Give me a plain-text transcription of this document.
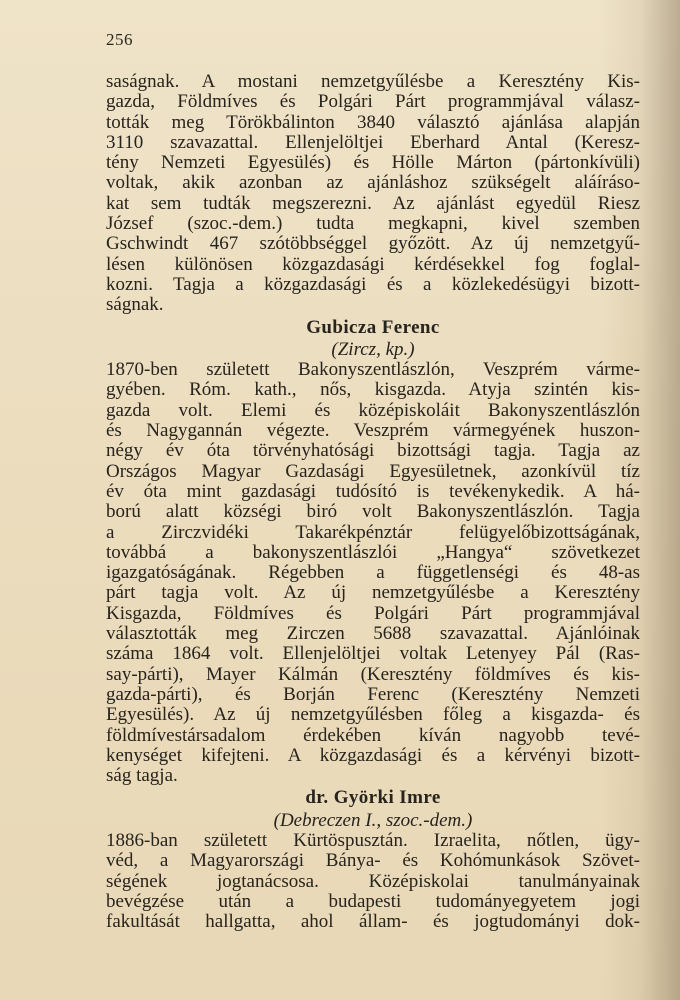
256
saságnak. A mostani nemzetgyűlésbe a Keresztény Kis-
gazda, Földmíves és Polgári Párt programmjával válasz-
tották meg Törökbálinton 3840 választó ajánlása alapján
3110 szavazattal. Ellenjelöltjei Eberhard Antal (Keresz-
tény Nemzeti Egyesülés) és Hölle Márton (pártonkívüli)
voltak, akik azonban az ajánláshoz szükségelt aláíráso-
kat sem tudták megszerezni. Az ajánlást egyedül Riesz
József (szoc.-dem.) tudta megkapni, kivel szemben
Gschwindt 467 szótöbbséggel győzött. Az új nemzetgyű-
lésen különösen közgazdasági kérdésekkel fog foglal-
kozni. Tagja a közgazdasági és a közlekedésügyi bizott-
ságnak.
Gubicza Ferenc
(Zircz, kp.)
1870-ben született Bakonyszentlászlón, Veszprém várme-
gyében. Róm. kath., nős, kisgazda. Atyja szintén kis-
gazda volt. Elemi és középiskoláit Bakonyszentlászlón
és Nagygannán végezte. Veszprém vármegyének huszon-
négy év óta törvényhatósági bizottsági tagja. Tagja az
Országos Magyar Gazdasági Egyesületnek, azonkívül tíz
év óta mint gazdasági tudósító is tevékenykedik. A há-
ború alatt községi biró volt Bakonyszentlászlón. Tagja
a Zirczvidéki Takarékpénztár felügyelőbizottságának,
továbbá a bakonyszentlászlói „Hangya“ szövetkezet
igazgatóságának. Régebben a függetlenségi és 48-as
párt tagja volt. Az új nemzetgyűlésbe a Keresztény
Kisgazda, Földmíves és Polgári Párt programmjával
választották meg Zirczen 5688 szavazattal. Ajánlóinak
száma 1864 volt. Ellenjelöltjei voltak Letenyey Pál (Ras-
say-párti), Mayer Kálmán (Keresztény földmíves és kis-
gazda-párti), és Borján Ferenc (Keresztény Nemzeti
Egyesülés). Az új nemzetgyűlésben főleg a kisgazda- és
földmívestársadalom érdekében kíván nagyobb tevé-
kenységet kifejteni. A közgazdasági és a kérvényi bizott-
ság tagja.
dr. Györki Imre
(Debreczen I., szoc.-dem.)
1886-ban született Kürtöspusztán. Izraelita, nőtlen, ügy-
véd, a Magyarországi Bánya- és Kohómunkások Szövet-
ségének jogtanácsosa. Középiskolai tanulmányainak
bevégzése után a budapesti tudományegyetem jogi
fakultását hallgatta, ahol állam- és jogtudományi dok-
